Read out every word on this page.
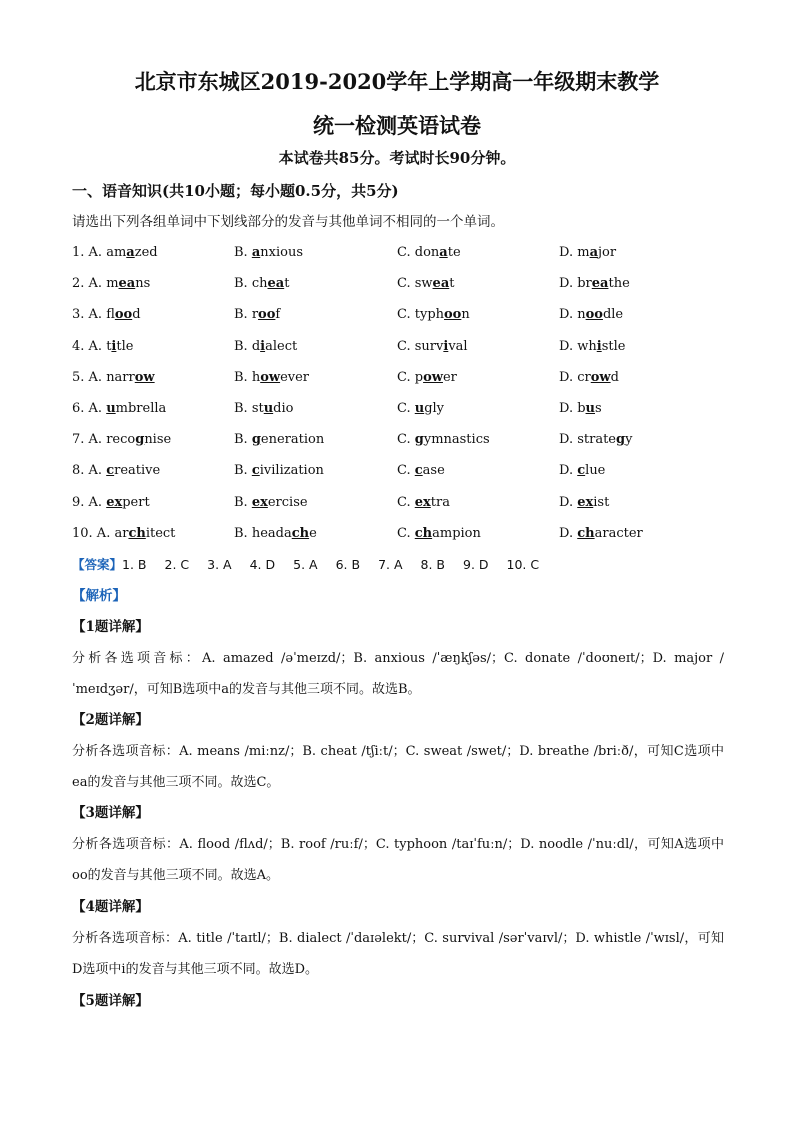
北京市东城区2019-2020学年上学期高一年级期末教学
统一检测英语试卷
本试卷共85分。考试时长90分钟。
一、语音知识(共10小题；每小题0.5分，共5分)
请选出下列各组单词中下划线部分的发音与其他单词不相同的一个单词。
1. A. amazed	B. anxious	C. donate	D. major
2. A. means	B. cheat	C. sweat	D. breathe
3. A. flood	B. roof	C. typhoon	D. noodle
4. A. title	B. dialect	C. survival	D. whistle
5. A. narrow	B. however	C. power	D. crowd
6. A. umbrella	B. studio	C. ugly	D. bus
7. A. recognise	B. generation	C. gymnastics	D. strategy
8. A. creative	B. civilization	C. case	D. clue
9. A. expert	B. exercise	C. extra	D. exist
10. A. architect	B. headache	C. champion	D. character
【答案】1. B 2. C 3. A 4. D 5. A 6. B 7. A 8. B 9. D 10. C
【解析】
【1题详解】
分析各选项音标：A. amazed /əˈmeɪzd/；B. anxious /ˈæŋkʃəs/；C. donate /ˈdoʊneɪt/；D. major /ˈmeɪdʒər/，可知B选项中a的发音与其他三项不同。故选B。
【2题详解】
分析各选项音标：A. means /miːnz/；B. cheat /tʃiːt/；C. sweat /swet/；D. breathe /briːð/，可知C选项中ea的发音与其他三项不同。故选C。
【3题详解】
分析各选项音标：A. flood /flʌd/；B. roof /ruːf/；C. typhoon /taɪˈfuːn/；D. noodle /ˈnuːdl/，可知A选项中oo的发音与其他三项不同。故选A。
【4题详解】
分析各选项音标：A. title /ˈtaɪtl/；B. dialect /ˈdaɪəlekt/；C. survival /sərˈvaɪvl/；D. whistle /ˈwɪsl/，可知D选项中i的发音与其他三项不同。故选D。
【5题详解】
